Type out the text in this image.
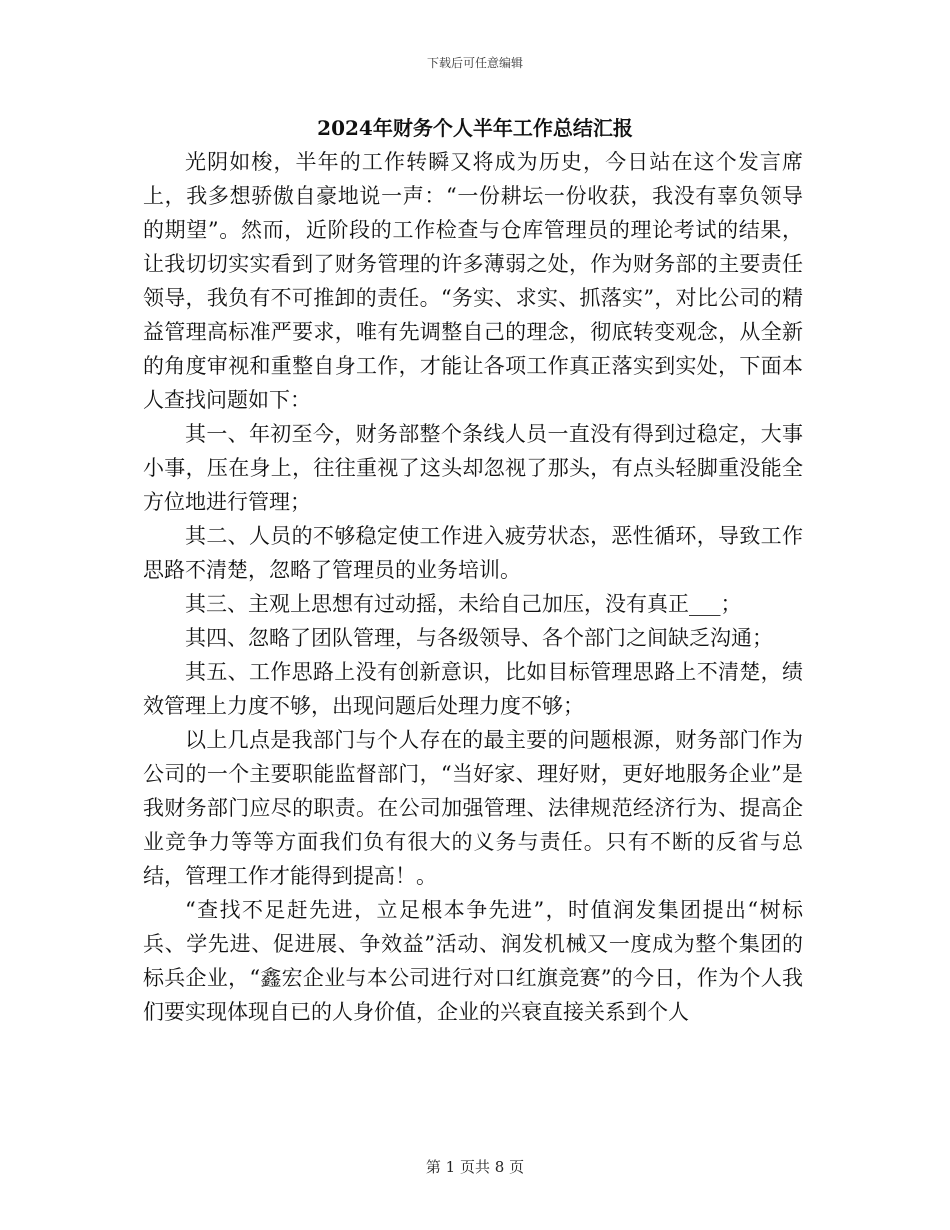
下载后可任意编辑
2024年财务个人半年工作总结汇报

光阴如梭，半年的工作转瞬又将成为历史，今日站在这个发言席上，我多想骄傲自豪地说一声：“一份耕坛一份收获，我没有辜负领导的期望”。然而，近阶段的工作检查与仓库管理员的理论考试的结果，让我切切实实看到了财务管理的许多薄弱之处，作为财务部的主要责任领导，我负有不可推卸的责任。“务实、求实、抓落实”，对比公司的精益管理高标准严要求，唯有先调整自己的理念，彻底转变观念，从全新的角度审视和重整自身工作，才能让各项工作真正落实到实处，下面本人查找问题如下：

其一、年初至今，财务部整个条线人员一直没有得到过稳定，大事小事，压在身上，往往重视了这头却忽视了那头，有点头轻脚重没能全方位地进行管理；

其二、人员的不够稳定使工作进入疲劳状态，恶性循环，导致工作思路不清楚，忽略了管理员的业务培训。

其三、主观上思想有过动摇，未给自己加压，没有真正___；

其四、忽略了团队管理，与各级领导、各个部门之间缺乏沟通；

其五、工作思路上没有创新意识，比如目标管理思路上不清楚，绩效管理上力度不够，出现问题后处理力度不够；

以上几点是我部门与个人存在的最主要的问题根源，财务部门作为公司的一个主要职能监督部门，“当好家、理好财，更好地服务企业”是我财务部门应尽的职责。在公司加强管理、法律规范经济行为、提高企业竞争力等等方面我们负有很大的义务与责任。只有不断的反省与总结，管理工作才能得到提高！。

“查找不足赶先进，立足根本争先进”，时值润发集团提出“树标兵、学先进、促进展、争效益”活动、润发机械又一度成为整个集团的标兵企业，“鑫宏企业与本公司进行对口红旗竞赛”的今日，作为个人我们要实现体现自已的人身价值，企业的兴衰直接关系到个人

第 1 页共 8 页
